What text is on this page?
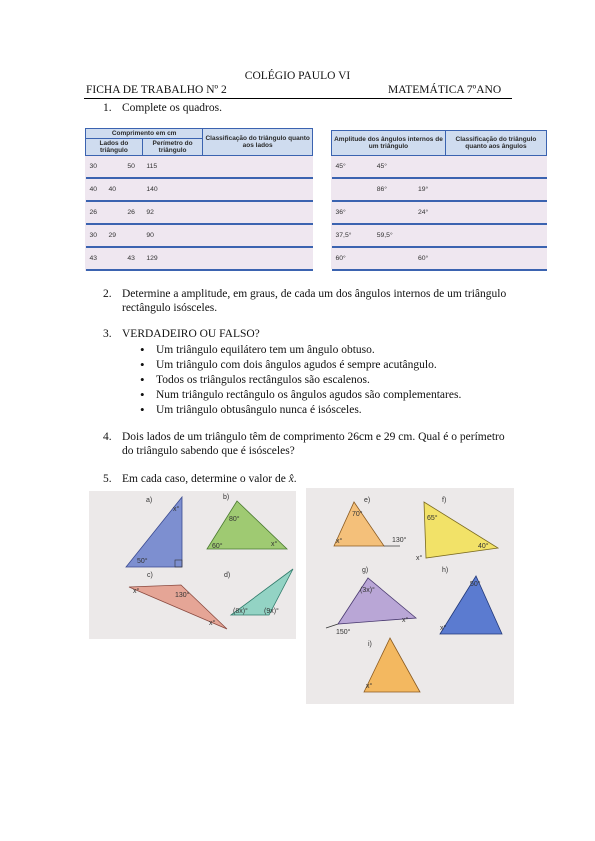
COLÉGIO PAULO VI
FICHA DE TRABALHO Nº 2	MATEMÁTICA 7ºANO
1. Complete os quadros.
Comprimento em cm				Classificação do triângulo quanto aos lados
Lados do triângulo			Perímetro do triângulo	
30		50	115	
40	40		140	
26		26	92	
30	29		90	
43		43	129	
Amplitude dos ângulos internos de um triângulo			Classificação do triângulo quanto aos ângulos
45°	45°		
	86°	19°	
36°		24°	
37,5°	59,5°		
60°		60°	
2. Determine a amplitude, em graus, de cada um dos ângulos internos de um triângulo rectângulo isósceles.
3. VERDADEIRO OU FALSO?
• Um triângulo equilátero tem um ângulo obtuso.
• Um triângulo com dois ângulos agudos é sempre acutângulo.
• Todos os triângulos rectângulos são escalenos.
• Num triângulo rectângulo os ângulos agudos são complementares.
• Um triângulo obtusângulo nunca é isósceles.
4. Dois lados de um triângulo têm de comprimento 26cm e 29 cm. Qual é o perímetro do triângulo sabendo que é isósceles?
5. Em cada caso, determine o valor de x̂.
a)
50°
x°
b)
80°
60°	x°
c)
130°
x°
x°
d)
(8x)° (9x)°
e)
70°
130°
x°
f)
65°
40°
x°
g)
(3x)°
150°
x°
h)
50°
x°
i)
x°
